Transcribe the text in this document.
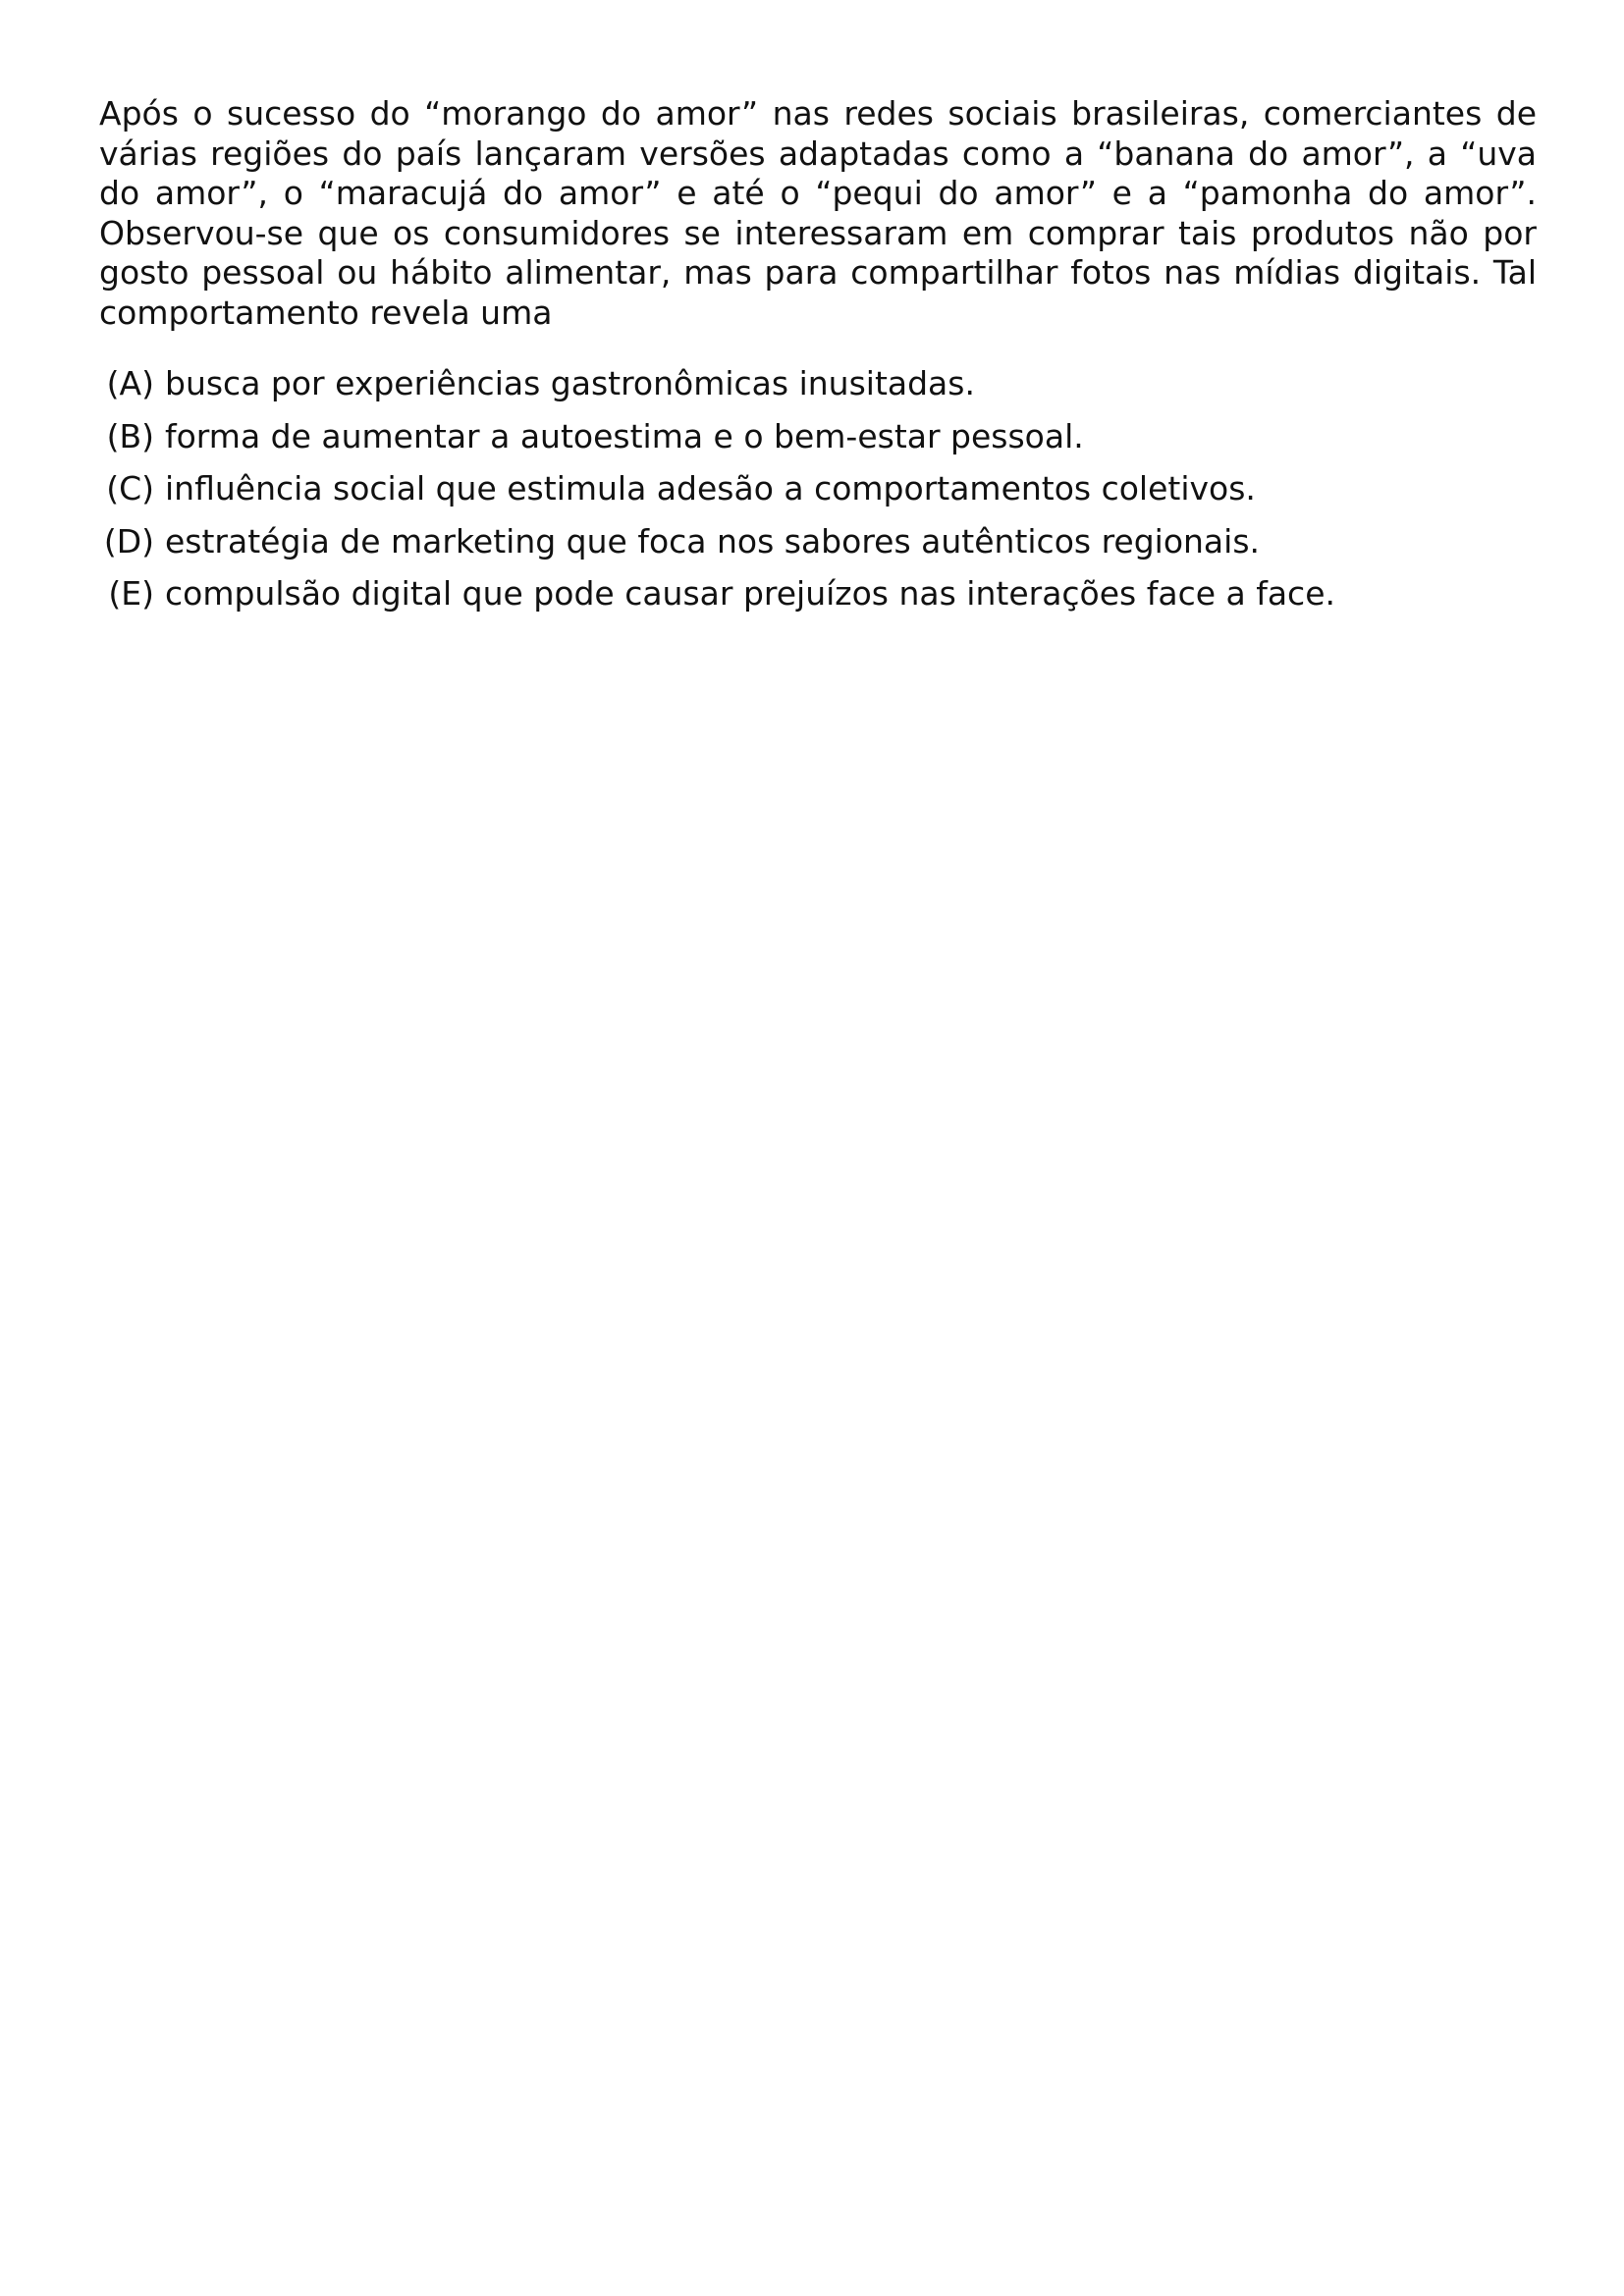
Após o sucesso do “morango do amor” nas redes sociais brasileiras, comerciantes de várias regiões do país lançaram versões adaptadas como a “banana do amor”, a “uva do amor”, o “maracujá do amor” e até o “pequi do amor” e a “pamonha do amor”. Observou-se que os consumidores se interessaram em comprar tais produtos não por gosto pessoal ou hábito alimentar, mas para compartilhar fotos nas mídias digitais. Tal comportamento revela uma

(A) busca por experiências gastronômicas inusitadas.
(B) forma de aumentar a autoestima e o bem-estar pessoal.
(C) influência social que estimula adesão a comportamentos coletivos.
(D) estratégia de marketing que foca nos sabores autênticos regionais.
(E) compulsão digital que pode causar prejuízos nas interações face a face.
